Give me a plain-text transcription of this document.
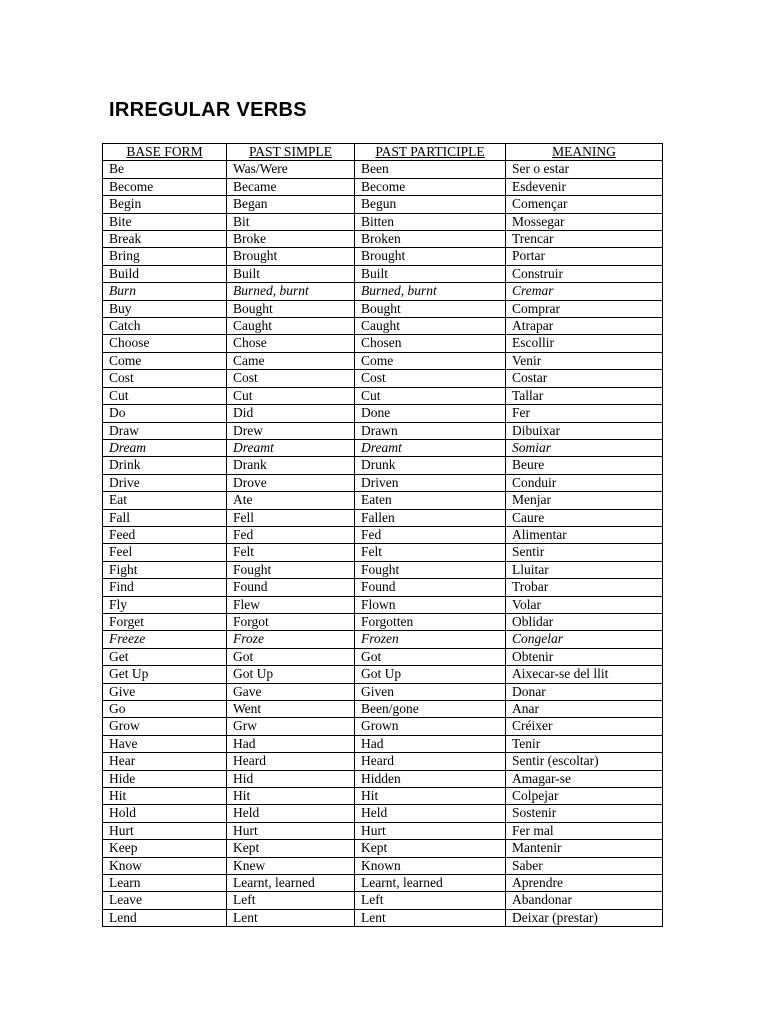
IRREGULAR VERBS
BASE FORM	PAST SIMPLE	PAST PARTICIPLE	MEANING
Be	Was/Were	Been	Ser o estar
Become	Became	Become	Esdevenir
Begin	Began	Begun	Començar
Bite	Bit	Bitten	Mossegar
Break	Broke	Broken	Trencar
Bring	Brought	Brought	Portar
Build	Built	Built	Construir
Burn	Burned, burnt	Burned, burnt	Cremar
Buy	Bought	Bought	Comprar
Catch	Caught	Caught	Atrapar
Choose	Chose	Chosen	Escollir
Come	Came	Come	Venir
Cost	Cost	Cost	Costar
Cut	Cut	Cut	Tallar
Do	Did	Done	Fer
Draw	Drew	Drawn	Dibuixar
Dream	Dreamt	Dreamt	Somiar
Drink	Drank	Drunk	Beure
Drive	Drove	Driven	Conduir
Eat	Ate	Eaten	Menjar
Fall	Fell	Fallen	Caure
Feed	Fed	Fed	Alimentar
Feel	Felt	Felt	Sentir
Fight	Fought	Fought	Lluitar
Find	Found	Found	Trobar
Fly	Flew	Flown	Volar
Forget	Forgot	Forgotten	Oblidar
Freeze	Froze	Frozen	Congelar
Get	Got	Got	Obtenir
Get Up	Got Up	Got Up	Aixecar-se del llit
Give	Gave	Given	Donar
Go	Went	Been/gone	Anar
Grow	Grw	Grown	Créixer
Have	Had	Had	Tenir
Hear	Heard	Heard	Sentir (escoltar)
Hide	Hid	Hidden	Amagar-se
Hit	Hit	Hit	Colpejar
Hold	Held	Held	Sostenir
Hurt	Hurt	Hurt	Fer mal
Keep	Kept	Kept	Mantenir
Know	Knew	Known	Saber
Learn	Learnt, learned	Learnt, learned	Aprendre
Leave	Left	Left	Abandonar
Lend	Lent	Lent	Deixar (prestar)
